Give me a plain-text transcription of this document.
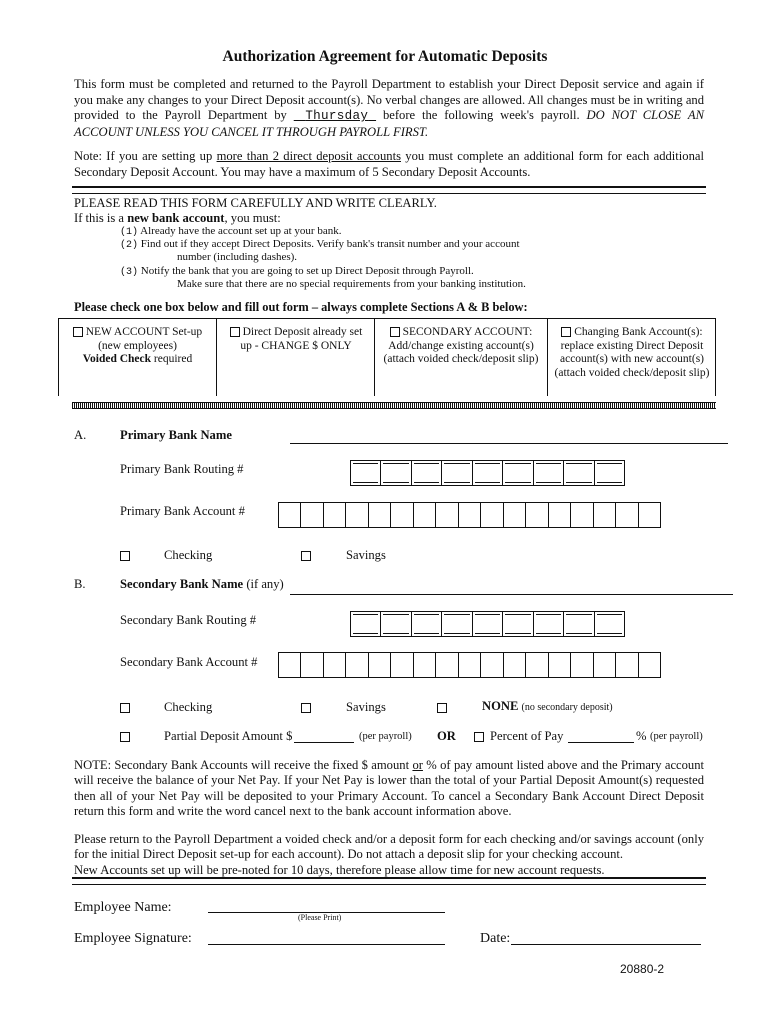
Authorization Agreement for Automatic Deposits
This form must be completed and returned to the Payroll Department to establish your Direct Deposit service and again if you make any changes to your Direct Deposit account(s). No verbal changes are allowed. All changes must be in writing and provided to the Payroll Department by Thursday_ before the following week's payroll. DO NOT CLOSE AN ACCOUNT UNLESS YOU CANCEL IT THROUGH PAYROLL FIRST.
Note: If you are setting up more than 2 direct deposit accounts you must complete an additional form for each additional Secondary Deposit Account. You may have a maximum of 5 Secondary Deposit Accounts.
PLEASE READ THIS FORM CAREFULLY AND WRITE CLEARLY.
If this is a new bank account, you must:
(1) Already have the account set up at your bank.
(2) Find out if they accept Direct Deposits. Verify bank's transit number and your account
number (including dashes).
(3) Notify the bank that you are going to set up Direct Deposit through Payroll.
Make sure that there are no special requirements from your banking institution.
Please check one box below and fill out form – always complete Sections A & B below:
NEW ACCOUNT Set-up
(new employees)
Voided Check required
Direct Deposit already set
up - CHANGE $ ONLY
SECONDARY ACCOUNT:
Add/change existing account(s)
(attach voided check/deposit slip)
Changing Bank Account(s):
replace existing Direct Deposit
account(s) with new account(s)
(attach voided check/deposit slip)
A.	Primary Bank Name
Primary Bank Routing #
Primary Bank Account #
Checking	Savings
B.	Secondary Bank Name (if any)
Secondary Bank Routing #
Secondary Bank Account #
Checking	Savings	NONE (no secondary deposit)
Partial Deposit Amount $	(per payroll) OR	Percent of Pay	% (per payroll)
NOTE: Secondary Bank Accounts will receive the fixed $ amount or % of pay amount listed above and the Primary account will receive the balance of your Net Pay. If your Net Pay is lower than the total of your Partial Deposit Amount(s) requested then all of your Net Pay will be deposited to your Primary Account. To cancel a Secondary Bank Account Direct Deposit return this form and write the word cancel next to the bank account information above.
Please return to the Payroll Department a voided check and/or a deposit form for each checking and/or savings account (only for the initial Direct Deposit set-up for each account). Do not attach a deposit slip for your checking account.
New Accounts set up will be pre-noted for 10 days, therefore please allow time for new account requests.
Employee Name:
(Please Print)
Employee Signature:	Date:
20880-2
